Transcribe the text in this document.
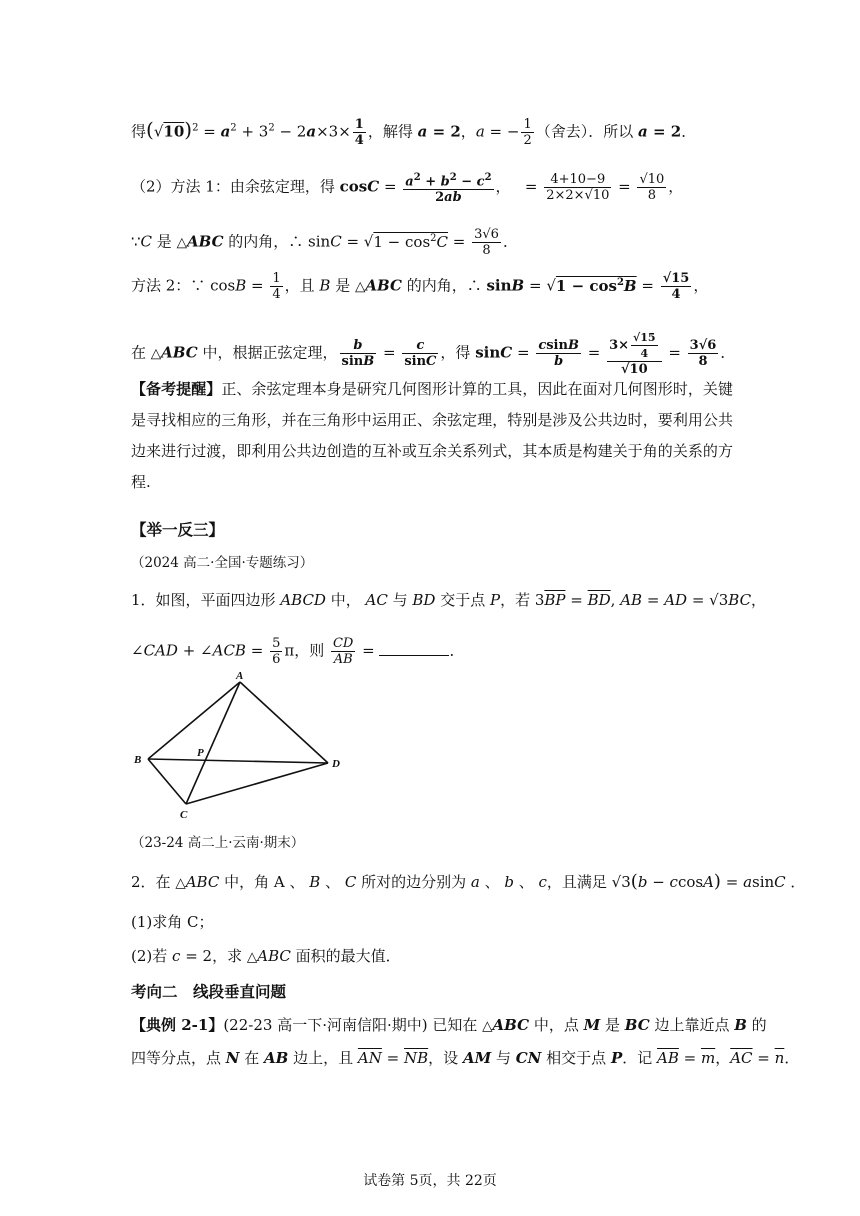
得$(√10)^2 = a^2 + 3^2 - 2a\times 3\times \frac{1}{4}$ ，解得 a = 2，a = − $\frac{1}{2}$ （舍去）．所以 a = 2．
（2）方法 1：由余弦定理，得 $\cos C = \frac{a^2 + b^2 - c^2}{2ab}$ ，   = $\frac{4+10-9}{2\times 2\times√10} = \frac{√10}{8}$ ，
∵C 是 △ABC 的内角，∴ $\sin C = √1 - \cos^2C = \frac{3√6}{8}$ ．
方法 2：∵ $\cos B = \frac{1}{4}$ ，且 B 是 △ABC 的内角，∴ $\sin B = √1 - \cos^2B = \frac{√15}{4}$ ，
在 △ABC 中，根据正弦定理， $\frac{b}{\sin B} = \frac{c}{\sin C}$ ，得 $\sin C = \frac{csinB}{b} = \frac{3\times \frac{√15}{4}}{√10} = \frac{3√6}{8}$ ．
【备考提醒】正、余弦定理本身是研究几何图形计算的工具，因此在面对几何图形时，关键是寻找相应的三角形，并在三角形中运用正、余弦定理，特别是涉及公共边时，要利用公共边来进行过渡，即利用公共边创造的互补或互余关系列式，其本质是构建关于角的关系的方程.
【举一反三】
（2024 高二·全国·专题练习）
1．如图，平面四边形 ABCD 中， AC 与 BD 交于点 P，若 $3\overline{BP} = \overline{BD}$, AB = AD = √3BC，
∠CAD + ∠ACB = $\frac{5}{6}$ π，则 $\frac{CD}{AB}$ =	．
A
B
P
D
C
（23-24 高二上·云南·期末）
2．在 △ABC 中，角 A 、 B 、 C 所对的边分别为 a 、 b 、 c，且满足 √3(b − ccosA) = asinC ．
(1)求角 C；
(2)若 c = 2，求 △ABC 面积的最大值．
考向二　线段垂直问题
【典例 2-1】(22-23 高一下·河南信阳·期中) 已知在 △ABC 中，点 M 是 BC 边上靠近点 B 的
四等分点，点 N 在 AB 边上，且 $\overline{AN} = \overline{NB}$，设 AM 与 CN 相交于点 P．记 $\overline{AB} = \overline{m}$，$\overline{AC} = \overline{n}$．
试卷第 5页，共 22页
